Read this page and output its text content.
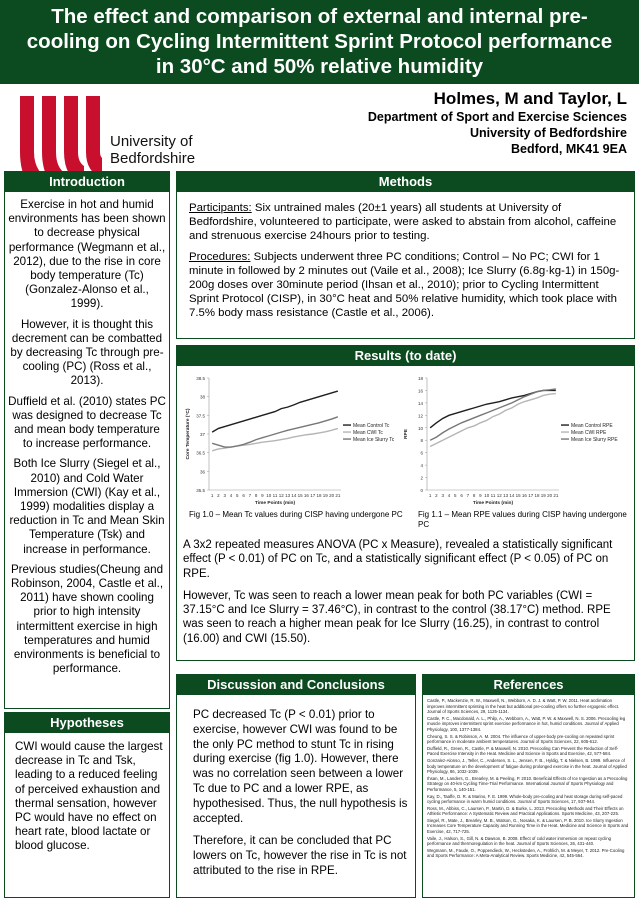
The effect and comparison of external and internal pre-
cooling on Cycling Intermittent Sprint Protocol performance
in 30°C and 50% relative humidity
University of
Bedfordshire
Holmes, M and Taylor, L
Department of Sport and Exercise Sciences
University of Bedfordshire
Bedford, MK41 9EA
Introduction

Exercise in hot and humid environments has been shown to decrease physical performance (Wegmann et al., 2012), due to the rise in core body temperature (Tc) (Gonzalez-Alonso et al., 1999).

However, it is thought this decrement can be combatted by decreasing Tc through pre-cooling (PC) (Ross et al., 2013).

Duffield et al. (2010) states PC was designed to decrease Tc and mean body temperature to increase performance.

Both Ice Slurry (Siegel et al., 2010) and Cold Water Immersion (CWI) (Kay et al., 1999) modalities display a reduction in Tc and Mean Skin Temperature (Tsk) and increase in performance.

Previous studies(Cheung and Robinson, 2004, Castle et al., 2011) have shown cooling prior to high intensity intermittent exercise in high temperatures and humid environments is beneficial to performance.

Hypotheses
CWI would cause the largest decrease in Tc and Tsk, leading to a reduced feeling of perceived exhaustion and thermal sensation, however PC would have no effect on heart rate, blood lactate or blood glucose.
Methods

Participants: Six untrained males (20±1 years) all students at University of Bedfordshire, volunteered to participate, were asked to abstain from alcohol, caffeine and strenuous exercise 24hours prior to testing.

Procedures: Subjects underwent three PC conditions; Control – No PC; CWI for 1 minute in followed by 2 minutes out (Vaile et al., 2008); Ice Slurry (6.8g·kg-1) in 150g-200g doses over 30minute period (Ihsan et al., 2010); prior to Cycling Intermittent Sprint Protocol (CISP), in 30°C heat and 50% relative humidity, which took place with 7.5% body mass resistance (Castle et al., 2006).

Results (to date)
35.5
36
36.5
37
37.5
38
38.5
1 2 3 4 5 6 7 8 9 10 11 12 13 14 15 16 17 18 19 20 21
Time Points (min)
Core Temperature (°C)	Mean Control Tc
Mean CWI Tc
Mean Ice Slurry Tc
0
2
4
6
8
10
12
14
16
18
1 2 3 4 5 6 7 8 9 10 11 12 13 14 15 16 17 18 19 20 21
Time Points (min)
RPE
Mean Control RPE
Mean CWI RPE
Mean Ice Slurry RPE
Fig 1.0 – Mean Tc values during CISP having undergone PC Fig 1.1 – Mean RPE values during CISP having undergone PC

A 3x2 repeated measures ANOVA (PC x Measure), revealed a statistically significant effect (P < 0.01) of PC on Tc, and a statistically significant effect (P < 0.05) of PC on RPE.

However, Tc was seen to reach a lower mean peak for both PC variables (CWI = 37.15°C and Ice Slurry = 37.46°C), in contrast to the control (38.17°C) method. RPE was seen to reach a higher mean peak for Ice Slurry (16.25), in contrast to control (16.00) and CWI (15.50).

Discussion and Conclusions

PC decreased Tc (P < 0.01) prior to exercise, however CWI was found to be the only PC method to stunt Tc in rising during exercise (fig 1.0). However, there was no correlation seen between a lower Tc due to PC and a lower RPE, as hypothesised. Thus, the null hypothesis is accepted.

Therefore, it can be concluded that PC lowers on Tc, however the rise in Tc is not attributed to the rise in RPE.

References

Castle, P., Mackenzie, R. W., Maxwell, N., Webborn, A. D. J. & Watt, P. W. 2011. Heat acclimation improves intermittent sprinting in the heat but additional pre-cooling offers no further ergogenic effect. Journal of Sports Sciences, 29, 1125-1134.

Castle, P. C., Macdonald, A. L., Philp, A., Webborn, A., Watt, P. W. & Maxwell, N. S. 2006. Precooling leg muscle improves intermittent sprint exercise performance in hot, humid conditions. Journal of Applied Physiology, 100, 1377-1384.

Cheung, S. S. & Robinson, A. M. 2004. The influence of upper-body pre-cooling on repeated sprint performance in moderate ambient temperatures. Journal of Sports Sciences, 22, 605-612.

Duffield, R., Green, R., Castle, P. & Maxwell, N. 2010. Precooling Can Prevent the Reduction of Self-Paced Exercise Intensity in the Heat. Medicine and Science in Sports and Exercise, 42, 577-584.

Gonzalez-Alonso, J., Teller, C., Andersen, S. L., Jensen, F. B., Hyldig, T. & Nielsen, B. 1999. Influence of body temperature on the development of fatigue during prolonged exercise in the heat. Journal of Applied Physiology, 86, 1032-1039.

Ihsan, M., Landers, G., Brearley, M. & Peeling, P. 2010. Beneficial Effects of Ice Ingestion as a Precooling Strategy on 40-km Cycling Time-Trial Performance. International Journal of Sports Physiology and Performance, 5, 140-151.

Kay, D., Taaffe, D. R. & Marino, F. E. 1999. Whole-body pre-cooling and heat storage during self-paced cycling performance in warm humid conditions. Journal of Sports Sciences, 17, 937-944.

Ross, M., Abbiss, C., Laursen, P., Martin, D. & Burke, L. 2013. Precooling Methods and Their Effects on Athletic Performance: A Systematic Review and Practical Applications. Sports Medicine, 43, 207-225.

Siegel, R., Mate, J., Brearley, M. B., Watson, G., Nosaka, K. & Laursen, P. B. 2010. Ice Slurry Ingestion Increases Core Temperature Capacity and Running Time in the Heat. Medicine and Science in Sports and Exercise, 42, 717-725.

Vaile, J., Halson, S., Gill, N. & Dawson, B. 2008. Effect of cold water immersion on repeat cycling performance and thermoregulation in the heat. Journal of Sports Sciences, 26, 431-440.

Wegmann, M., Faude, O., Poppendieck, W., Hecksteden, A., Frohlich, M. & Meyer, T. 2012. Pre-Cooling and Sports Performance: A Meta-Analytical Review. Sports Medicine, 42, 545-564.
